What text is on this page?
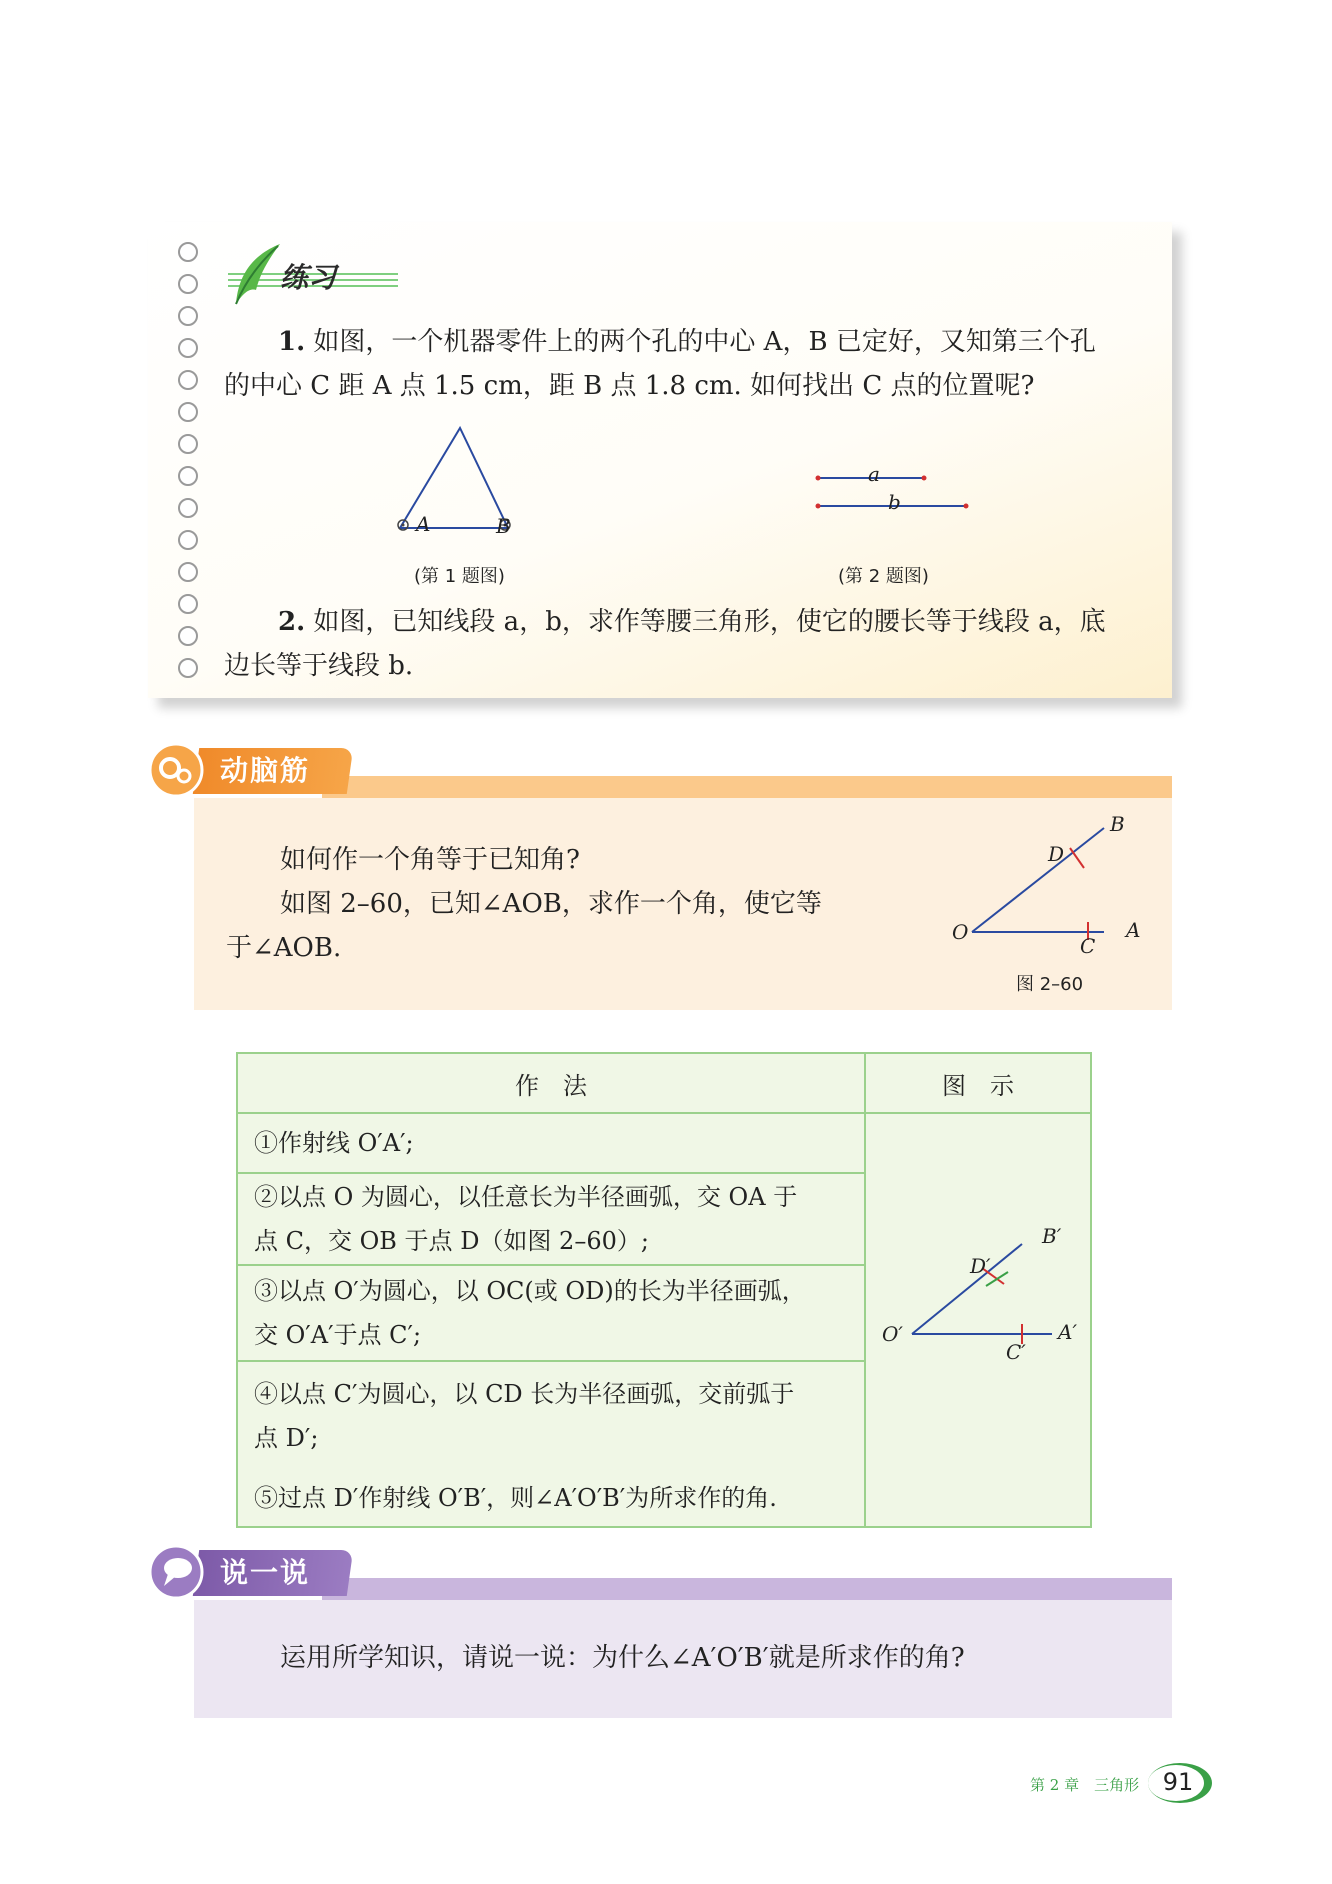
练习
1. 如图，一个机器零件上的两个孔的中心 A，B 已定好，又知第三个孔
的中心 C 距 A 点 1.5 cm，距 B 点 1.8 cm. 如何找出 C 点的位置呢?
A	B
(第 1 题图)
a
b
(第 2 题图)
2. 如图，已知线段 a，b，求作等腰三角形，使它的腰长等于线段 a，底
边长等于线段 b.
动脑筋
如何作一个角等于已知角?
如图 2–60，已知∠AOB，求作一个角，使它等
于∠AOB.
B
D
O
C
A
图 2–60
作　法	图　示

①作射线 O′A′;	B′
D′
O′
C′
A′

②以点 O 为圆心，以任意长为半径画弧，交 OA 于
点 C，交 OB 于点 D（如图 2–60）;	

③以点 O′为圆心，以 OC(或 OD)的长为半径画弧，
交 O′A′于点 C′;	

④以点 C′为圆心，以 CD 长为半径画弧，交前弧于
点 D′;
⑤过点 D′作射线 O′B′，则∠A′O′B′为所求作的角.	
说一说
运用所学知识，请说一说：为什么∠A′O′B′就是所求作的角?
第 2 章　三角形 91
